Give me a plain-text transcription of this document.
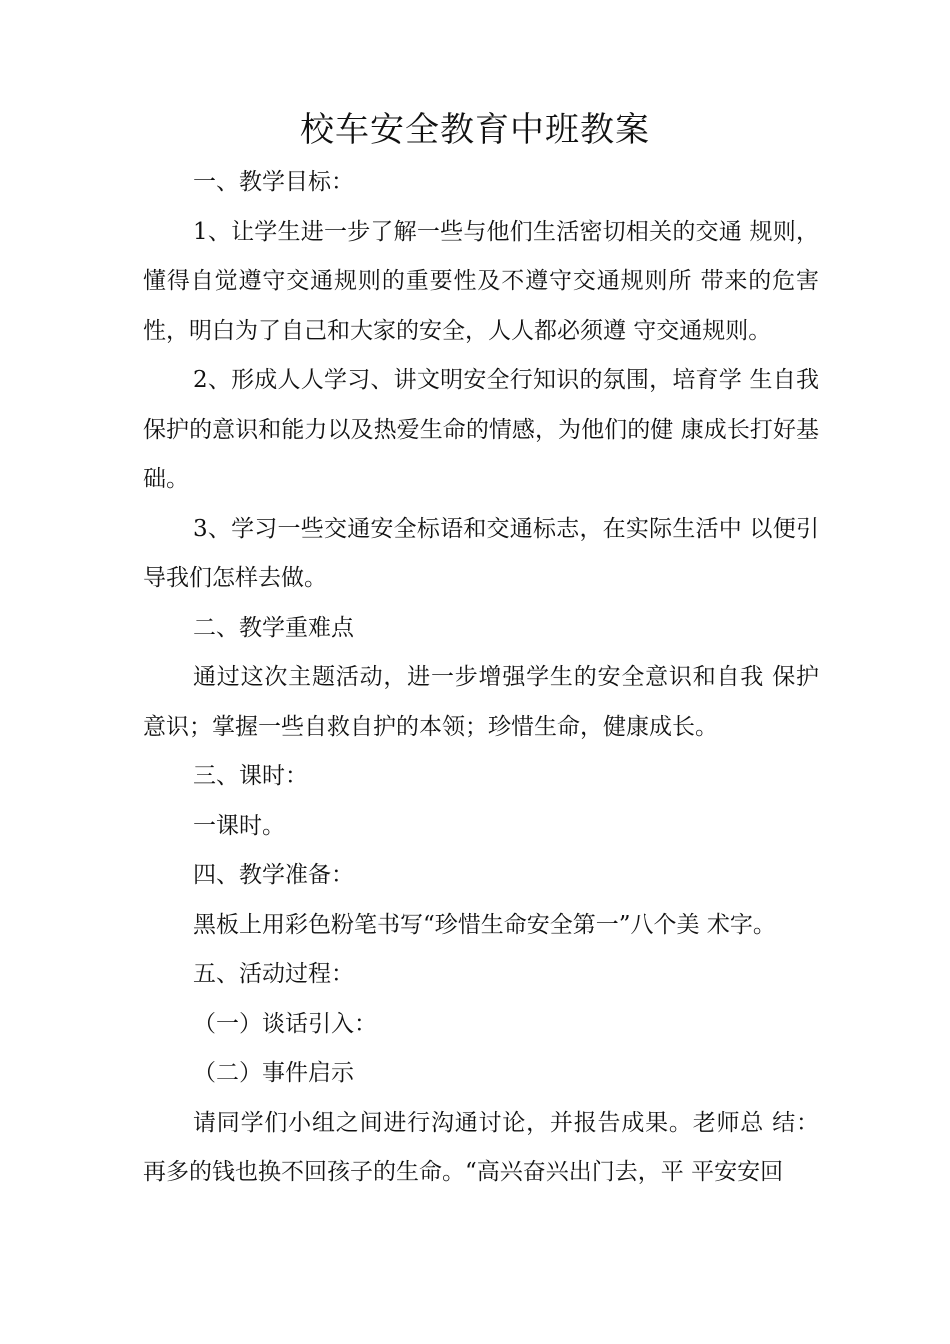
校车安全教育中班教案

一、教学目标：

1、让学生进一步了解一些与他们生活密切相关的交通 规则，懂得自觉遵守交通规则的重要性及不遵守交通规则所 带来的危害性，明白为了自己和大家的安全，人人都必须遵 守交通规则。

2、形成人人学习、讲文明安全行知识的氛围，培育学 生自我保护的意识和能力以及热爱生命的情感，为他们的健 康成长打好基础。

3、学习一些交通安全标语和交通标志，在实际生活中 以便引导我们怎样去做。

二、教学重难点

通过这次主题活动，进一步增强学生的安全意识和自我 保护意识；掌握一些自救自护的本领；珍惜生命，健康成长。

三、课时：

一课时。

四、教学准备：

黑板上用彩色粉笔书写“珍惜生命安全第一”八个美 术字。

五、活动过程：

（一）谈话引入：

（二）事件启示

请同学们小组之间进行沟通讨论，并报告成果。老师总 结：再多的钱也换不回孩子的生命。“高兴奋兴出门去，平 平安安回
